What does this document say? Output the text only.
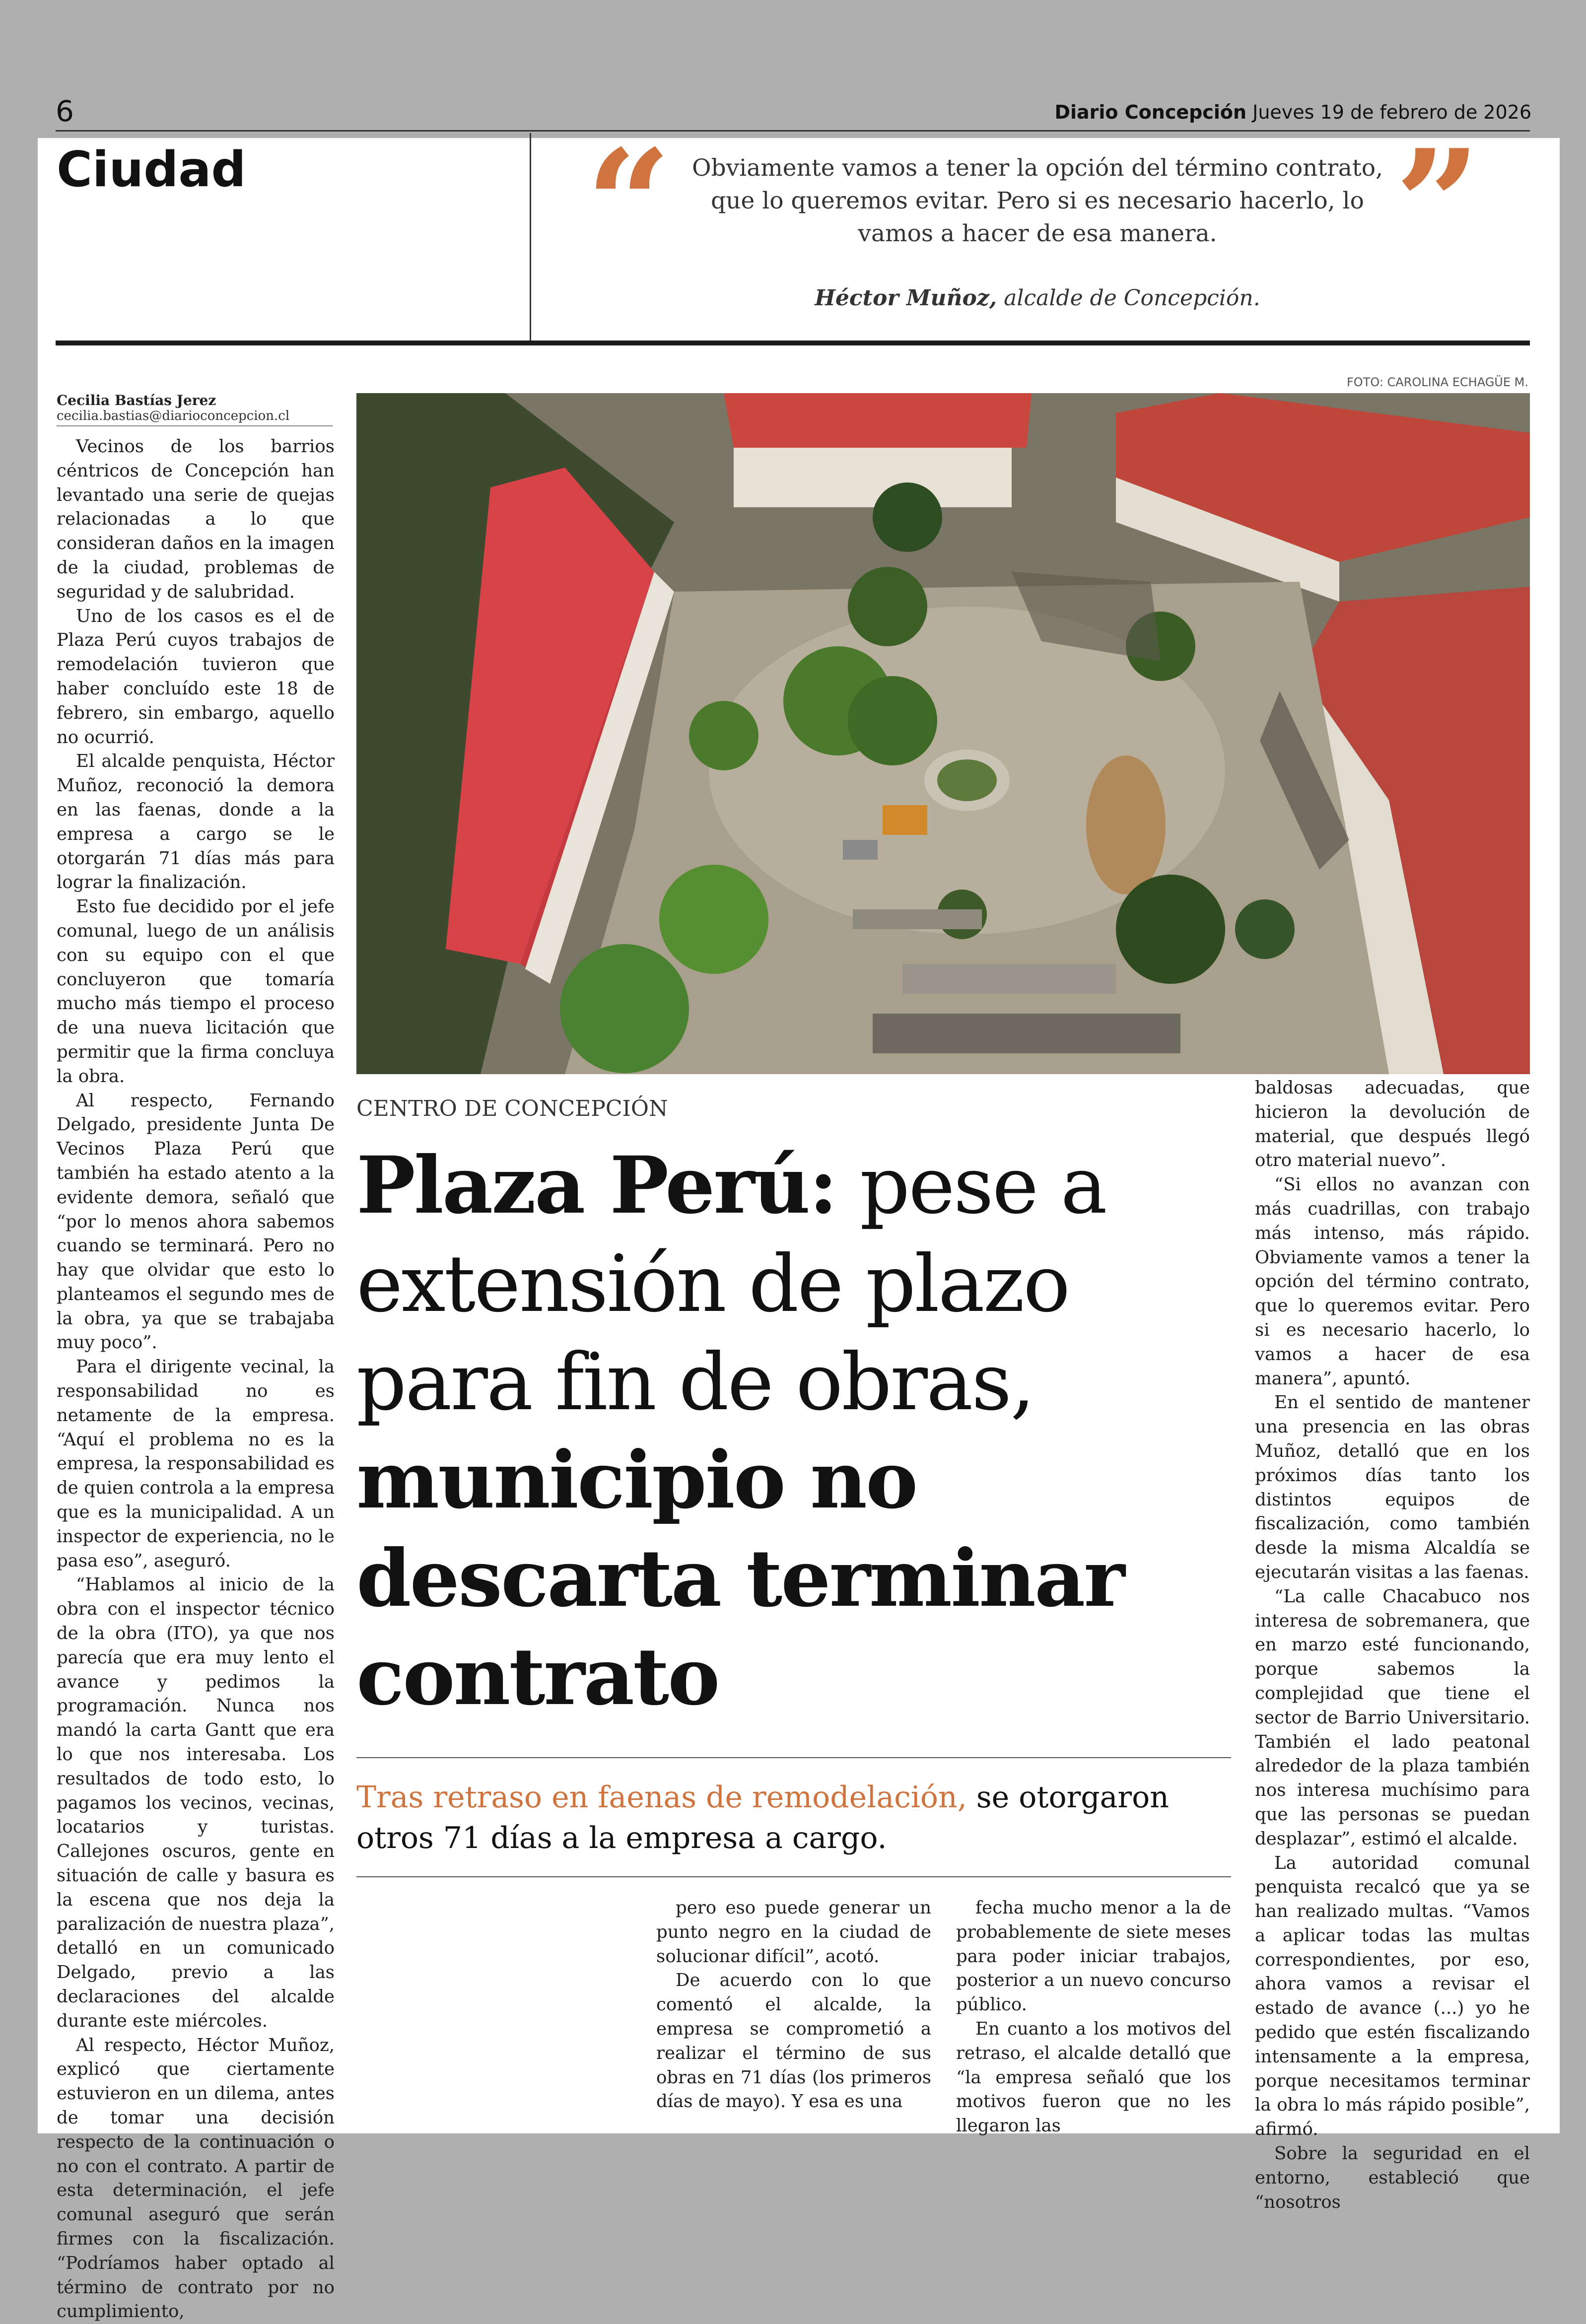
6	Diario Concepción Jueves 19 de febrero de 2026
Ciudad “ Obviamente vamos a tener la opción del término contrato, que lo queremos evitar. Pero si es necesario hacerlo, lo vamos a hacer de esa manera.	”
Héctor Muñoz, alcalde de Concepción.
FOTO: CAROLINA ECHAGÜE M.
Cecilia Bastías Jerez
cecilia.bastias@diarioconcepcion.cl

Vecinos de los barrios céntricos de Concepción han levantado una serie de quejas relacionadas a lo que consideran daños en la imagen de la ciudad, problemas de seguridad y de salubridad.

Uno de los casos es el de Plaza Perú cuyos trabajos de remodelación tuvieron que haber concluído este 18 de febrero, sin embargo, aquello no ocurrió.

El alcalde penquista, Héctor Muñoz, reconoció la demora en las faenas, donde a la empresa a cargo se le otorgarán 71 días más para lograr la finalización.

Esto fue decidido por el jefe comunal, luego de un análisis con su equipo con el que concluyeron que tomaría mucho más tiempo el proceso de una nueva licitación que permitir que la firma concluya la obra.

Al respecto, Fernando Delgado, presidente Junta De Vecinos Plaza Perú que también ha estado atento a la evidente demora, señaló que “por lo menos ahora sabemos cuando se terminará. Pero no hay que olvidar que esto lo planteamos el segundo mes de la obra, ya que se trabajaba muy poco”.

Para el dirigente vecinal, la responsabilidad no es netamente de la empresa. “Aquí el problema no es la empresa, la responsabilidad es de quien controla a la empresa que es la municipalidad. A un inspector de experiencia, no le pasa eso”, aseguró.

“Hablamos al inicio de la obra con el inspector técnico de la obra (ITO), ya que nos parecía que era muy lento el avance y pedimos la programación. Nunca nos mandó la carta Gantt que era lo que nos interesaba. Los resultados de todo esto, lo pagamos los vecinos, vecinas, locatarios y turistas. Callejones oscuros, gente en situación de calle y basura es la escena que nos deja la paralización de nuestra plaza”, detalló en un comunicado Delgado, previo a las declaraciones del alcalde durante este miércoles.

Al respecto, Héctor Muñoz, explicó que ciertamente estuvieron en un dilema, antes de tomar una decisión respecto de la continuación o no con el contrato. A partir de esta determinación, el jefe comunal aseguró que serán firmes con la fiscalización. “Podríamos haber optado al término de contrato por no cumplimiento,

CENTRO DE CONCEPCIÓN
Plaza Perú: pese a extensión de plazo para fin de obras, municipio no descarta terminar contrato
Tras retraso en faenas de remodelación, se otorgaron otros 71 días a la empresa a cargo.

pero eso puede generar un punto negro en la ciudad de solucionar difícil”, acotó.

De acuerdo con lo que comentó el alcalde, la empresa se comprometió a realizar el término de sus obras en 71 días (los primeros días de mayo). Y esa es una

fecha mucho menor a la de probablemente de siete meses para poder iniciar trabajos, posterior a un nuevo concurso público.

En cuanto a los motivos del retraso, el alcalde detalló que “la empresa señaló que los motivos fueron que no les llegaron las

baldosas adecuadas, que hicieron la devolución de material, que después llegó otro material nuevo”.

“Si ellos no avanzan con más cuadrillas, con trabajo más intenso, más rápido. Obviamente vamos a tener la opción del término contrato, que lo queremos evitar. Pero si es necesario hacerlo, lo vamos a hacer de esa manera”, apuntó.

En el sentido de mantener una presencia en las obras Muñoz, detalló que en los próximos días tanto los distintos equipos de fiscalización, como también desde la misma Alcaldía se ejecutarán visitas a las faenas.

“La calle Chacabuco nos interesa de sobremanera, que en marzo esté funcionando, porque sabemos la complejidad que tiene el sector de Barrio Universitario. También el lado peatonal alrededor de la plaza también nos interesa muchísimo para que las personas se puedan desplazar”, estimó el alcalde.

La autoridad comunal penquista recalcó que ya se han realizado multas. “Vamos a aplicar todas las multas correspondientes, por eso, ahora vamos a revisar el estado de avance (...) yo he pedido que estén fiscalizando intensamente a la empresa, porque necesitamos terminar la obra lo más rápido posible”, afirmó.

Sobre la seguridad en el entorno, estableció que “nosotros
